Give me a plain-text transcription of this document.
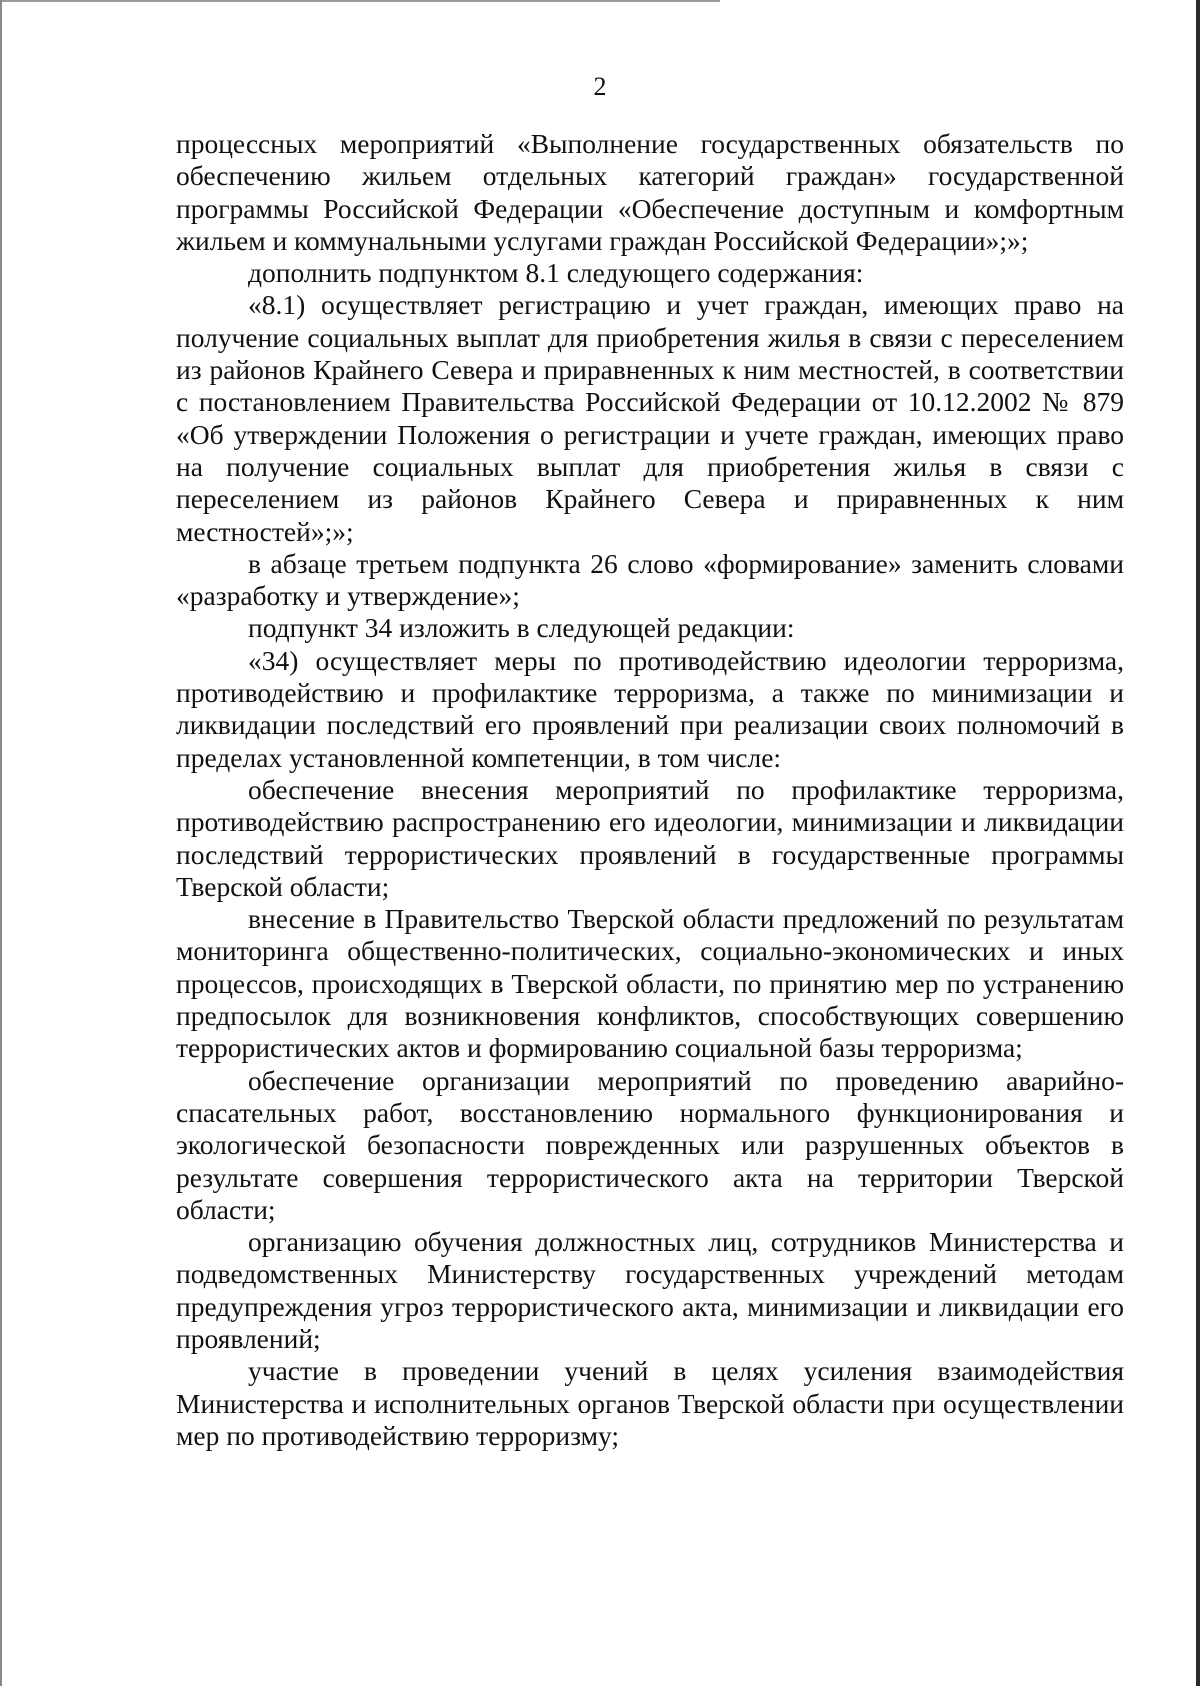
2

процессных мероприятий «Выполнение государственных обязательств по обеспечению жильем отдельных категорий граждан» государственной программы Российской Федерации «Обеспечение доступным и комфортным жильем и коммунальными услугами граждан Российской Федерации»;»;

дополнить подпунктом 8.1 следующего содержания:

«8.1) осуществляет регистрацию и учет граждан, имеющих право на получение социальных выплат для приобретения жилья в связи с переселением из районов Крайнего Севера и приравненных к ним местностей, в соответствии с постановлением Правительства Российской Федерации от 10.12.2002 № 879 «Об утверждении Положения о регистрации и учете граждан, имеющих право на получение социальных выплат для приобретения жилья в связи с переселением из районов Крайнего Севера и приравненных к ним местностей»;»;

в абзаце третьем подпункта 26 слово «формирование» заменить словами «разработку и утверждение»;

подпункт 34 изложить в следующей редакции:

«34) осуществляет меры по противодействию идеологии терроризма, противодействию и профилактике терроризма, а также по минимизации и ликвидации последствий его проявлений при реализации своих полномочий в пределах установленной компетенции, в том числе:

обеспечение внесения мероприятий по профилактике терроризма, противодействию распространению его идеологии, минимизации и ликвидации последствий террористических проявлений в государственные программы Тверской области;

внесение в Правительство Тверской области предложений по результатам мониторинга общественно-политических, социально-экономических и иных процессов, происходящих в Тверской области, по принятию мер по устранению предпосылок для возникновения конфликтов, способствующих совершению террористических актов и формированию социальной базы терроризма;

обеспечение организации мероприятий по проведению аварийно-спасательных работ, восстановлению нормального функционирования и экологической безопасности поврежденных или разрушенных объектов в результате совершения террористического акта на территории Тверской области;

организацию обучения должностных лиц, сотрудников Министерства и подведомственных Министерству государственных учреждений методам предупреждения угроз террористического акта, минимизации и ликвидации его проявлений;

участие в проведении учений в целях усиления взаимодействия Министерства и исполнительных органов Тверской области при осуществлении мер по противодействию терроризму;
